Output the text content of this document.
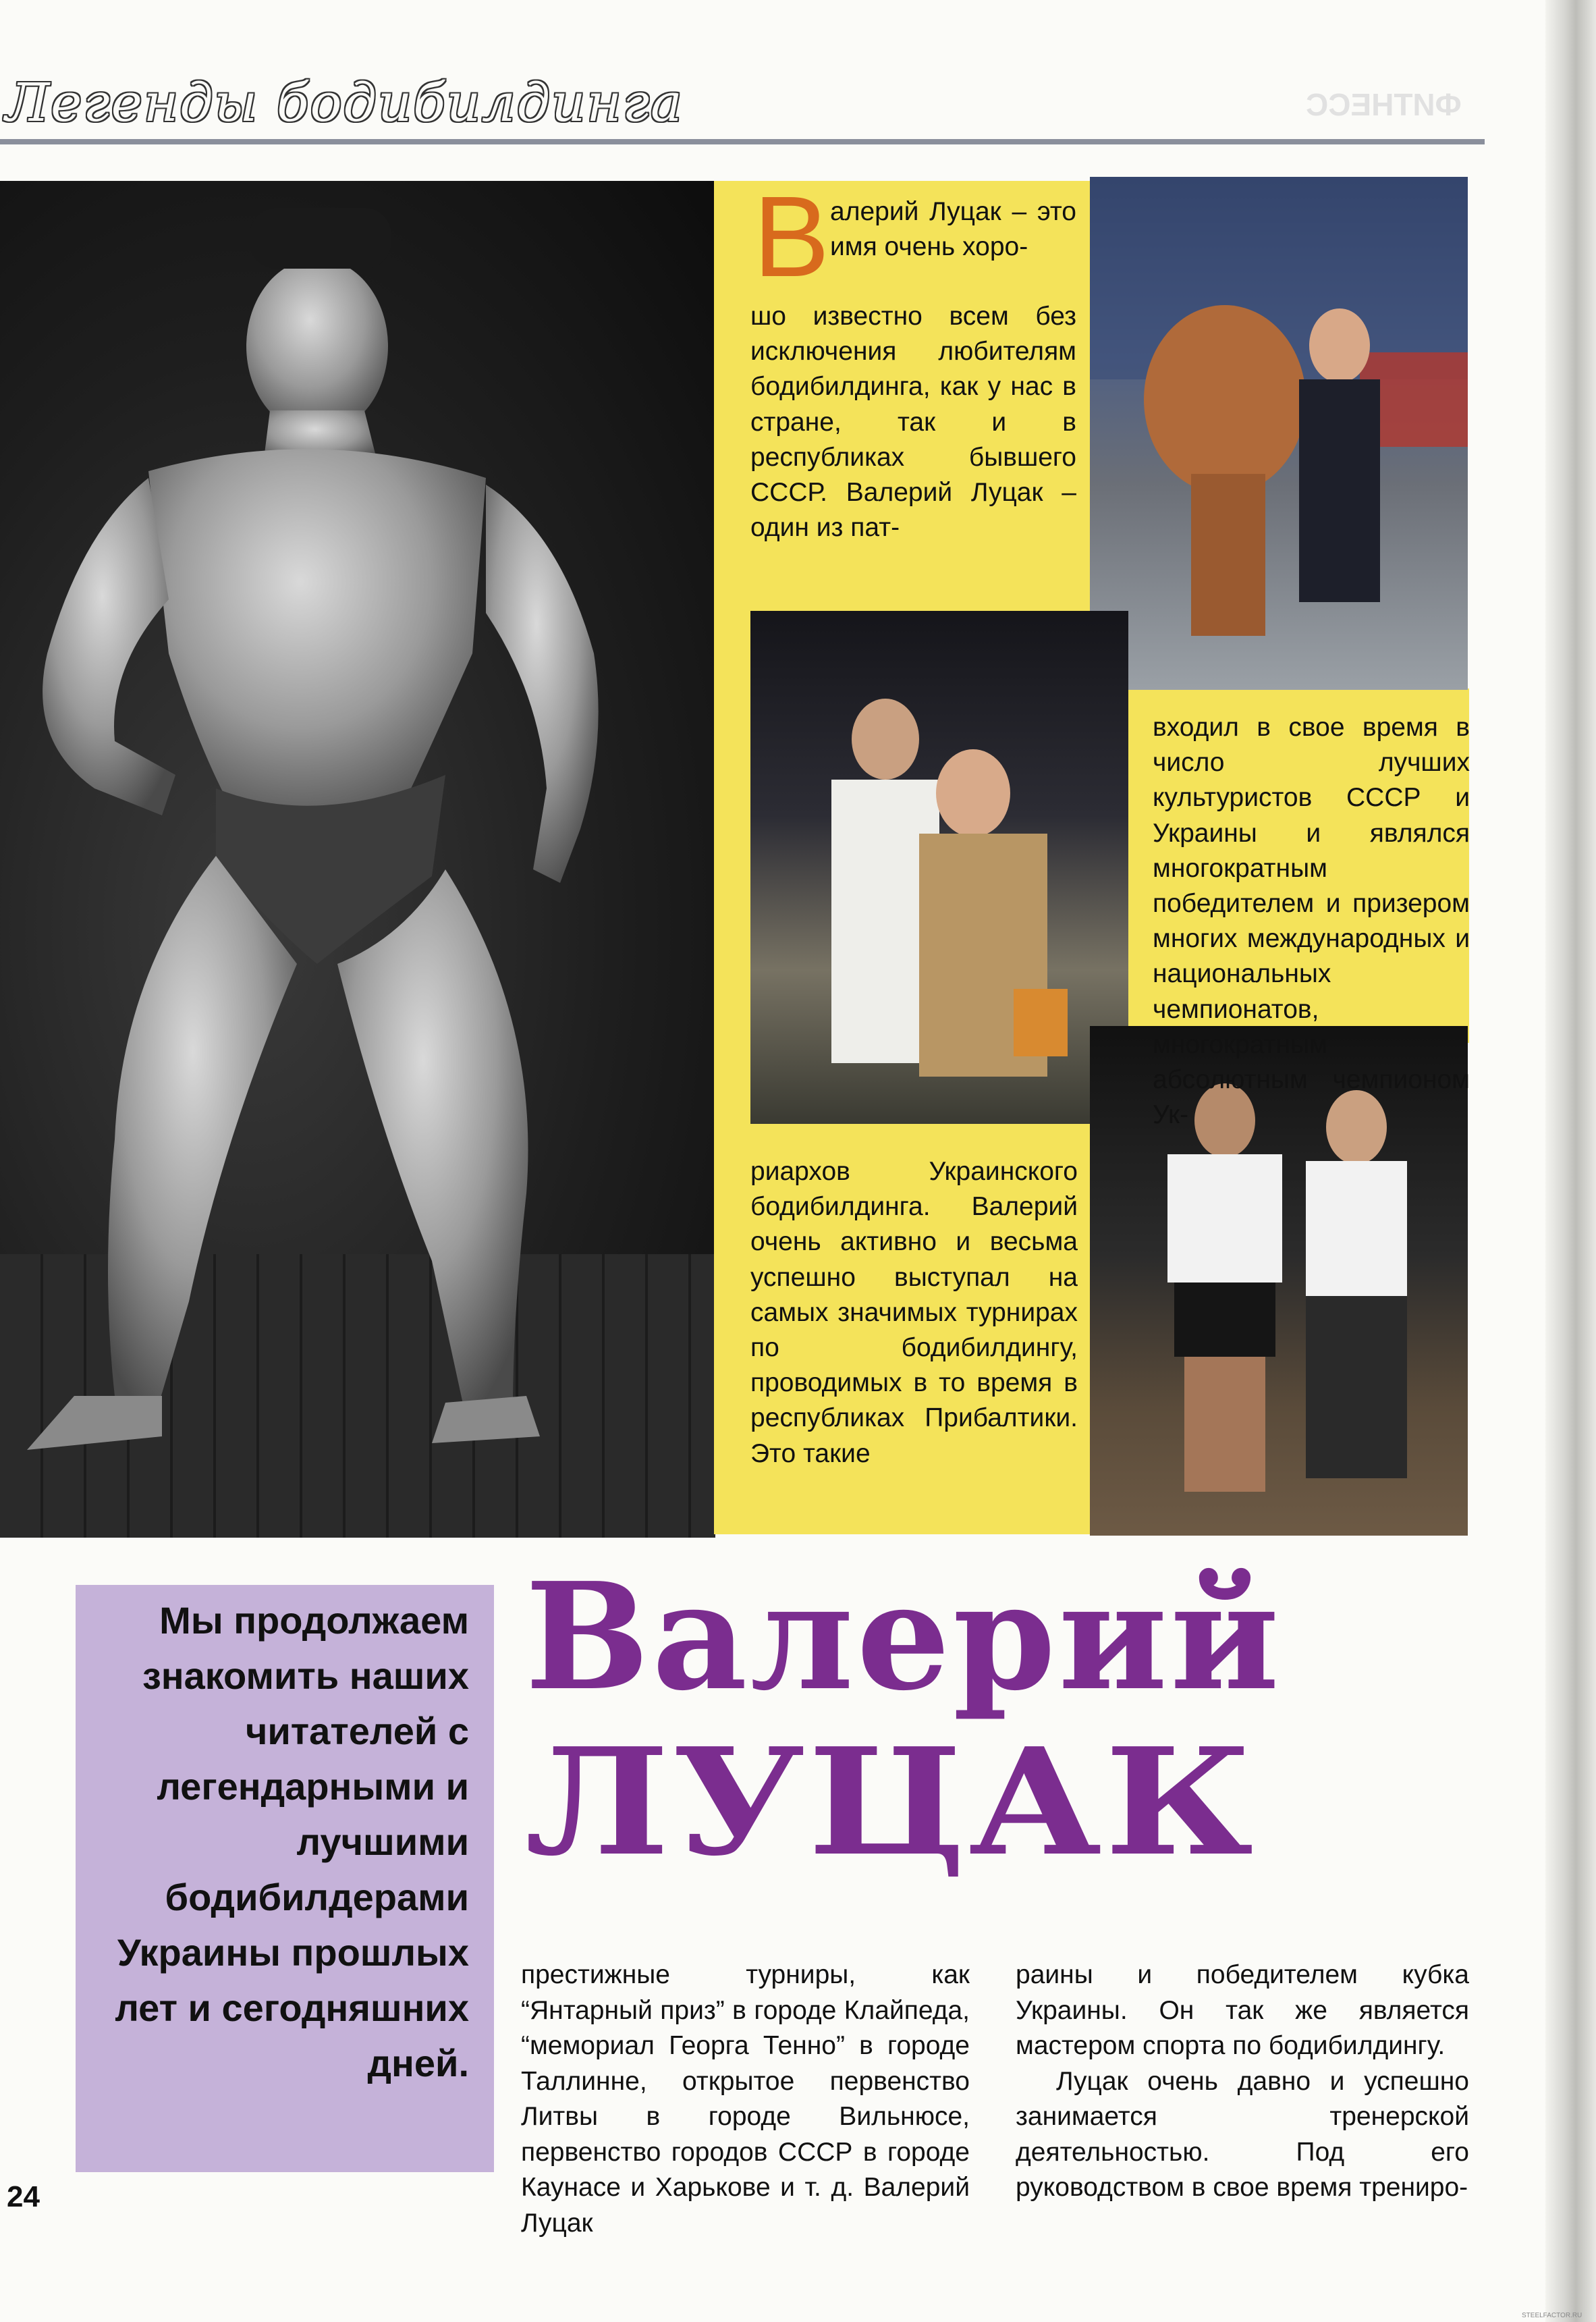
Легенды бодибилдинга	ФИТНЕСС
В алерий Луцак – это имя очень хоро-
шо известно всем без исключения любителям бодибилдинга, как у нас в стране, так и в республиках бывшего СССР. Валерий Луцак – один из пат-
входил в свое время в число лучших культуристов СССР и Украины и являлся многократным победителем и призером многих международных и национальных чемпионатов, многократным абсолютным чемпионом Ук-
риархов Украинского бодибилдинга. Валерий очень активно и весьма успешно выступал на самых значимых турнирах по бодибилдингу, проводимых в то время в республиках Прибалтики. Это такие
Мы продолжаем знакомить наших читателей с легендарными и лучшими бодибилдерами Украины прошлых лет и сегодняшних дней.
Валерий
ЛУЦАК
престижные турниры, как “Янтарный приз” в городе Клайпеда, “мемориал Георга Тенно” в городе Таллинне, открытое первенство Литвы в городе Вильнюсе, первенство городов СССР в городе Каунасе и Харькове и т. д. Валерий Луцак
раины и победителем кубка Украины. Он так же является мастером спорта по бодибилдингу.
Луцак очень давно и успешно занимается тренерской деятельностью. Под его руководством в свое время трениро-
24
STEELFACTOR.RU
